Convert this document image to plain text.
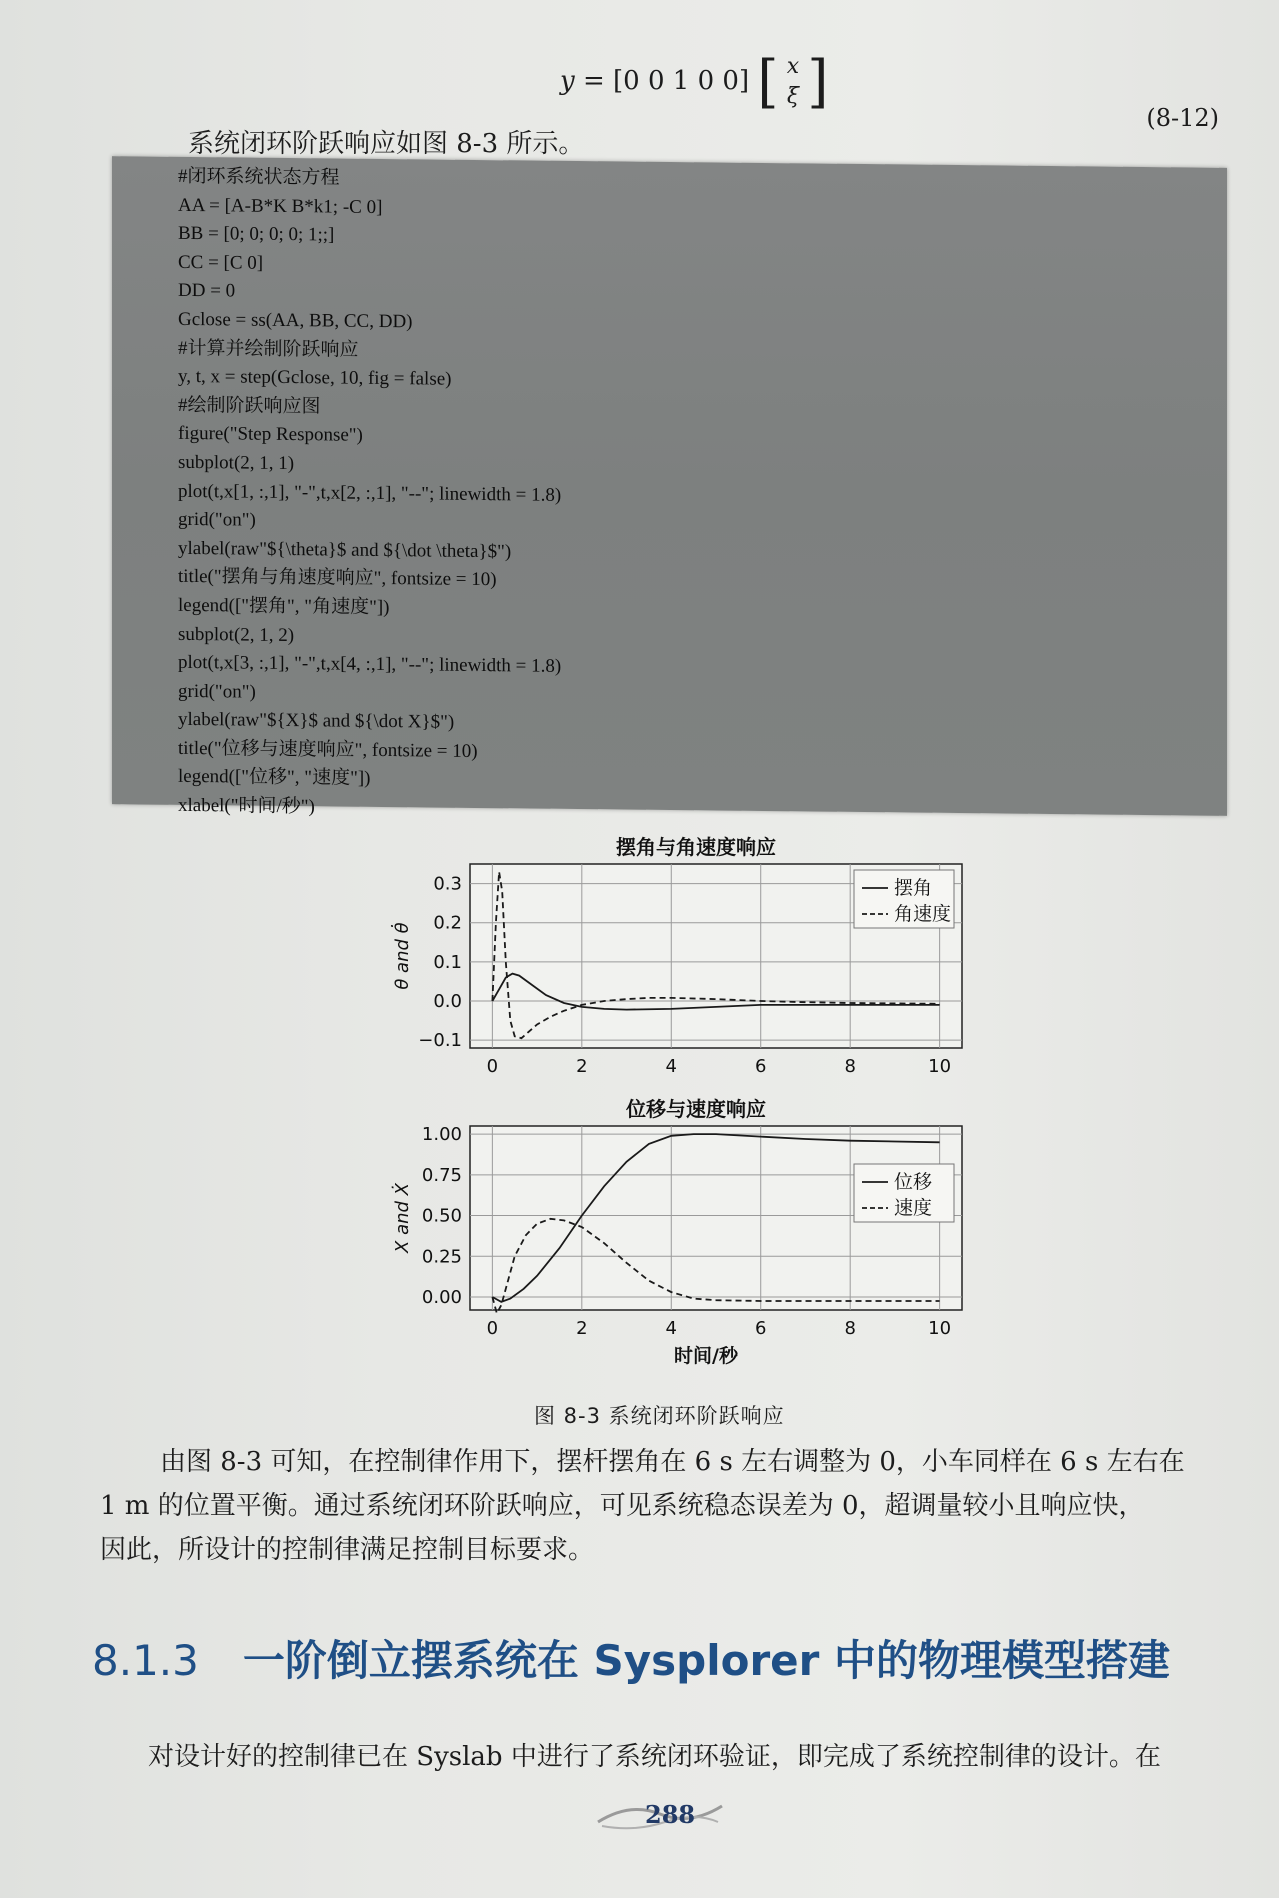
y = [0 0 1 0 0] [ x
ξ ]
(8-12)
系统闭环阶跃响应如图 8-3 所示。
#闭环系统状态方程
AA = [A-B*K B*k1; -C 0]
BB = [0; 0; 0; 0; 1;;]
CC = [C 0]
DD = 0
Gclose = ss(AA, BB, CC, DD)
#计算并绘制阶跃响应
y, t, x = step(Gclose, 10, fig = false)
#绘制阶跃响应图
figure("Step Response")
subplot(2, 1, 1)
plot(t,x[1, :,1], "-",t,x[2, :,1], "--"; linewidth = 1.8)
grid("on")
ylabel(raw"${\theta}$ and ${\dot \theta}$")
title("摆角与角速度响应", fontsize = 10)
legend(["摆角", "角速度"])
subplot(2, 1, 2)
plot(t,x[3, :,1], "-",t,x[4, :,1], "--"; linewidth = 1.8)
grid("on")
ylabel(raw"${X}$ and ${\dot X}$")
title("位移与速度响应", fontsize = 10)
legend(["位移", "速度"])
xlabel("时间/秒")
摆角与角速度响应
0	2	4	6	8	10
0.3
0.2
0.1
0.0
−0.1
θ and θ̇
摆角
角速度
位移与速度响应
0	2	4	6	8	10
1.00
0.75
0.50
0.25
0.00
X and Ẋ
时间/秒
位移
速度
图 8-3 系统闭环阶跃响应
由图 8-3 可知，在控制律作用下，摆杆摆角在 6 s 左右调整为 0，小车同样在 6 s 左右在
1 m 的位置平衡。通过系统闭环阶跃响应，可见系统稳态误差为 0，超调量较小且响应快，
因此，所设计的控制律满足控制目标要求。
8.1.3 一阶倒立摆系统在 Sysplorer 中的物理模型搭建
对设计好的控制律已在 Syslab 中进行了系统闭环验证，即完成了系统控制律的设计。在
288
